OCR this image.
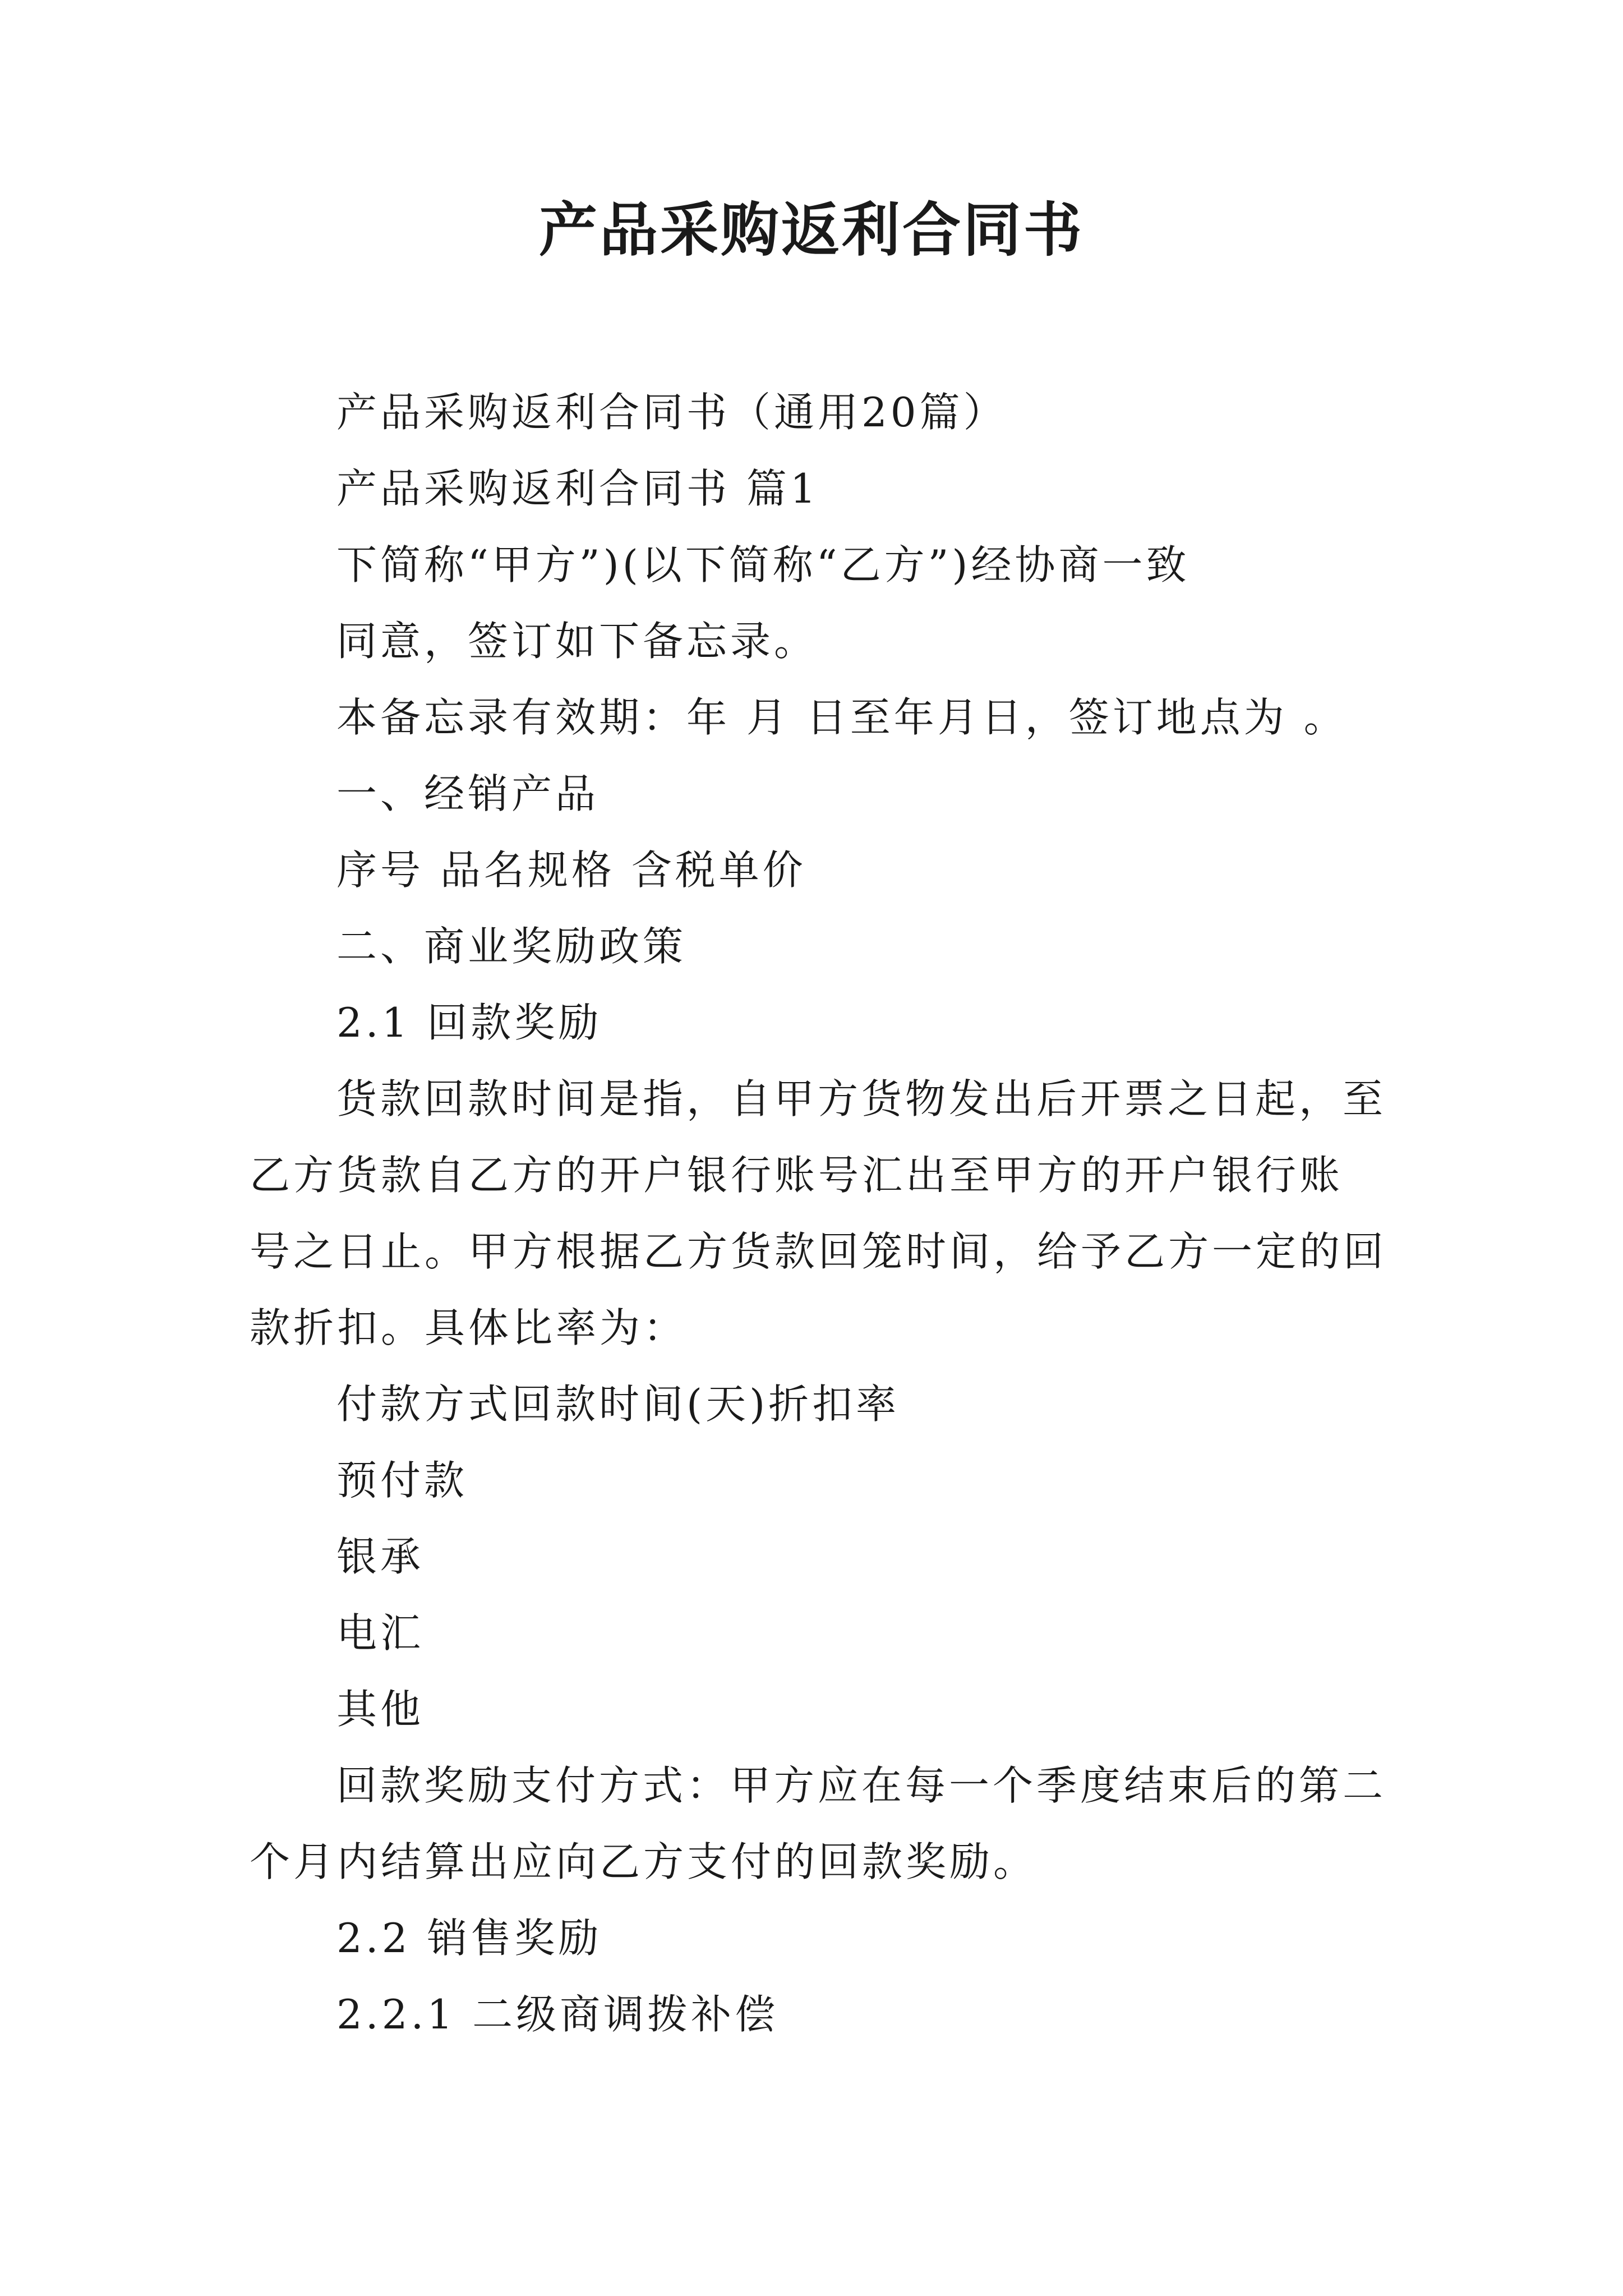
产品采购返利合同书
产品采购返利合同书（通用20篇）
产品采购返利合同书 篇1
下简称“甲方”)(以下简称“乙方”)经协商一致
同意，签订如下备忘录。
本备忘录有效期：年 月 日至年月日，签订地点为 。
一、经销产品
序号 品名规格 含税单价
二、商业奖励政策
2.1 回款奖励
货款回款时间是指，自甲方货物发出后开票之日起，至
乙方货款自乙方的开户银行账号汇出至甲方的开户银行账
号之日止。甲方根据乙方货款回笼时间，给予乙方一定的回
款折扣。具体比率为：
付款方式回款时间(天)折扣率
预付款
银承
电汇
其他
回款奖励支付方式：甲方应在每一个季度结束后的第二
个月内结算出应向乙方支付的回款奖励。
2.2 销售奖励
2.2.1 二级商调拨补偿
